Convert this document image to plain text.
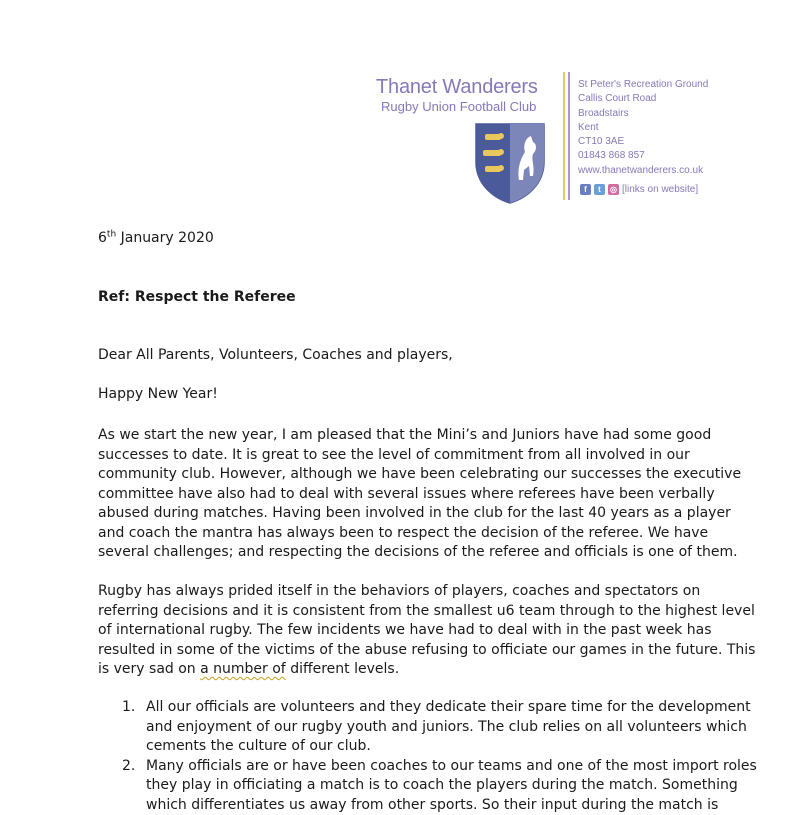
Thanet Wanderers
Rugby Union Football Club
St Peter's Recreation Ground
Callis Court Road
Broadstairs
Kent
CT10 3AE
01843 868 857
www.thanetwanderers.co.uk
f	t	◎ [links on website]
6th January 2020
Ref: Respect the Referee
Dear All Parents, Volunteers, Coaches and players,
Happy New Year!

As we start the new year, I am pleased that the Mini’s and Juniors have had some good successes to date. It is great to see the level of commitment from all involved in our community club. However, although we have been celebrating our successes the executive committee have also had to deal with several issues where referees have been verbally abused during matches. Having been involved in the club for the last 40 years as a player and coach the mantra has always been to respect the decision of the referee. We have several challenges; and respecting the decisions of the referee and officials is one of them.

Rugby has always prided itself in the behaviors of players, coaches and spectators on referring decisions and it is consistent from the smallest u6 team through to the highest level of international rugby. The few incidents we have had to deal with in the past week has resulted in some of the victims of the abuse refusing to officiate our games in the future. This is very sad on a number of different levels.

1. All our officials are volunteers and they dedicate their spare time for the development and enjoyment of our rugby youth and juniors. The club relies on all volunteers which cements the culture of our club.
2. Many officials are or have been coaches to our teams and one of the most import roles they play in officiating a match is to coach the players during the match. Something which differentiates us away from other sports. So their input during the match is
